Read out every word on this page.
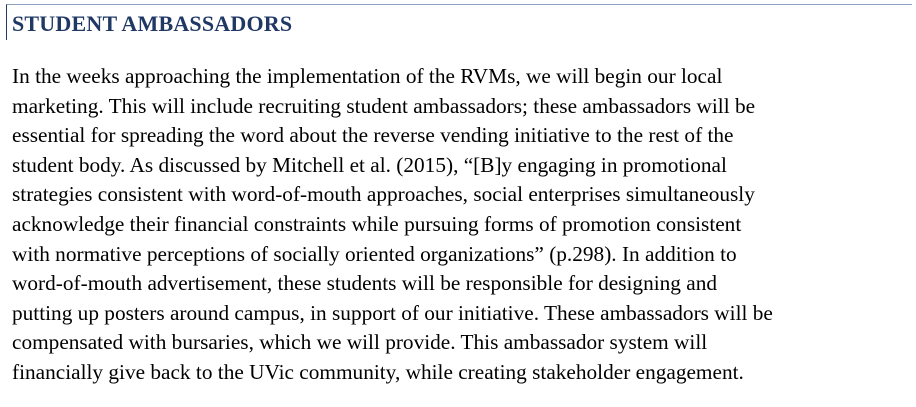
STUDENT AMBASSADORS

In the weeks approaching the implementation of the RVMs, we will begin our local
marketing. This will include recruiting student ambassadors; these ambassadors will be
essential for spreading the word about the reverse vending initiative to the rest of the
student body. As discussed by Mitchell et al. (2015), “[B]y engaging in promotional
strategies consistent with word-of-mouth approaches, social enterprises simultaneously
acknowledge their financial constraints while pursuing forms of promotion consistent
with normative perceptions of socially oriented organizations” (p.298). In addition to
word-of-mouth advertisement, these students will be responsible for designing and
putting up posters around campus, in support of our initiative. These ambassadors will be
compensated with bursaries, which we will provide. This ambassador system will
financially give back to the UVic community, while creating stakeholder engagement.
